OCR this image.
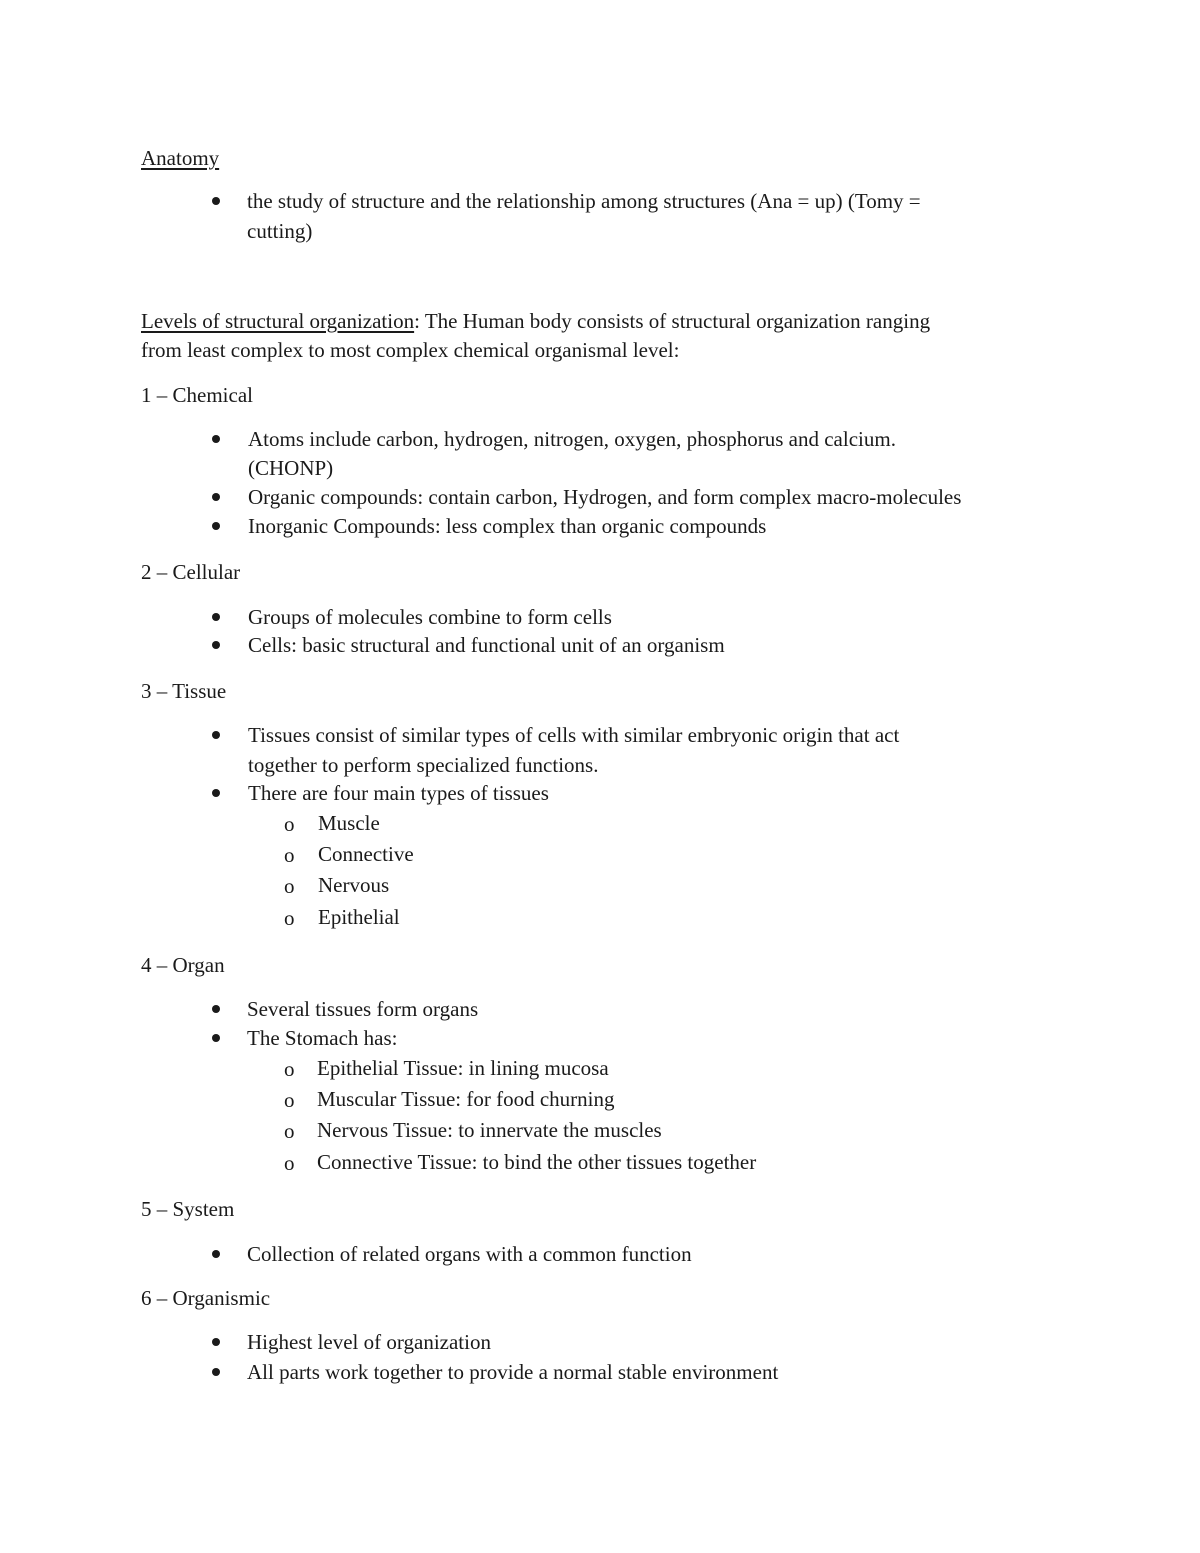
Anatomy
the study of structure and the relationship among structures (Ana = up) (Tomy =
cutting)
Levels of structural organization: The Human body consists of structural organization ranging
from least complex to most complex chemical organismal level:
1 – Chemical
Atoms include carbon, hydrogen, nitrogen, oxygen, phosphorus and calcium.
(CHONP)
Organic compounds: contain carbon, Hydrogen, and form complex macro-molecules
Inorganic Compounds: less complex than organic compounds
2 – Cellular
Groups of molecules combine to form cells
Cells: basic structural and functional unit of an organism
3 – Tissue
Tissues consist of similar types of cells with similar embryonic origin that act
together to perform specialized functions.
There are four main types of tissues
o Muscle
o Connective
o Nervous
o Epithelial
4 – Organ
Several tissues form organs
The Stomach has:
o Epithelial Tissue: in lining mucosa
o Muscular Tissue: for food churning
o Nervous Tissue: to innervate the muscles
o Connective Tissue: to bind the other tissues together
5 – System
Collection of related organs with a common function
6 – Organismic
Highest level of organization
All parts work together to provide a normal stable environment
